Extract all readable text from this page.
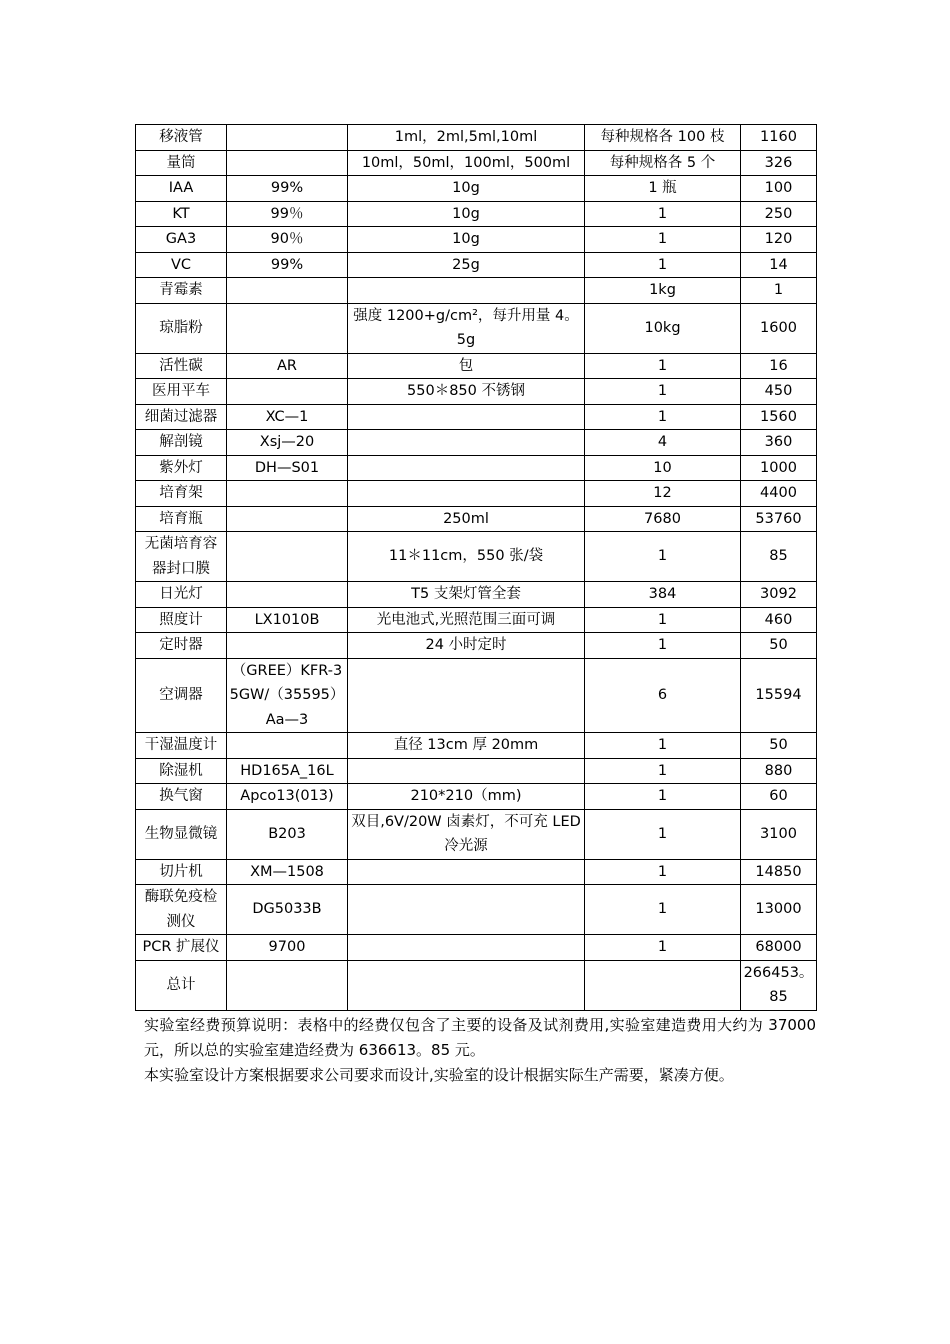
移液管		1ml，2ml,5ml,10ml	每种规格各 100 枝	1160
量筒		10ml，50ml，100ml，500ml	每种规格各 5 个	326
IAA	99%	10g	1 瓶	100
KT	99％	10g	1	250
GA3	90％	10g	1	120
VC	99%	25g	1	14
青霉素			1kg	1
琼脂粉		强度 1200+g/cm²，每升用量 4。5g	10kg	1600
活性碳	AR	包	1	16
医用平车		550＊850 不锈钢	1	450
细菌过滤器	XC—1		1	1560
解剖镜	Xsj—20		4	360
紫外灯	DH—S01		10	1000
培育架			12	4400
培育瓶		250ml	7680	53760
无菌培育容器封口膜		11＊11cm，550 张/袋	1	85
日光灯		T5 支架灯管全套	384	3092
照度计	LX1010B	光电池式,光照范围三面可调	1	460
定时器		24 小时定时	1	50
空调器	（GREE）KFR-35GW/（35595）Aa—3		6	15594
干湿温度计		直径 13cm 厚 20mm	1	50
除湿机	HD165A_16L		1	880
换气窗	Apco13(013)	210*210（mm)	1	60
生物显微镜	B203	双目,6V/20W 卤素灯，不可充 LED 冷光源	1	3100
切片机	XM—1508		1	14850
酶联免疫检测仪	DG5033B		1	13000
PCR 扩展仪	9700		1	68000
总计				266453。85

实验室经费预算说明：表格中的经费仅包含了主要的设备及试剂费用,实验室建造费用大约为 37000 元，所以总的实验室建造经费为 636613。85 元。

本实验室设计方案根据要求公司要求而设计,实验室的设计根据实际生产需要，紧凑方便。
